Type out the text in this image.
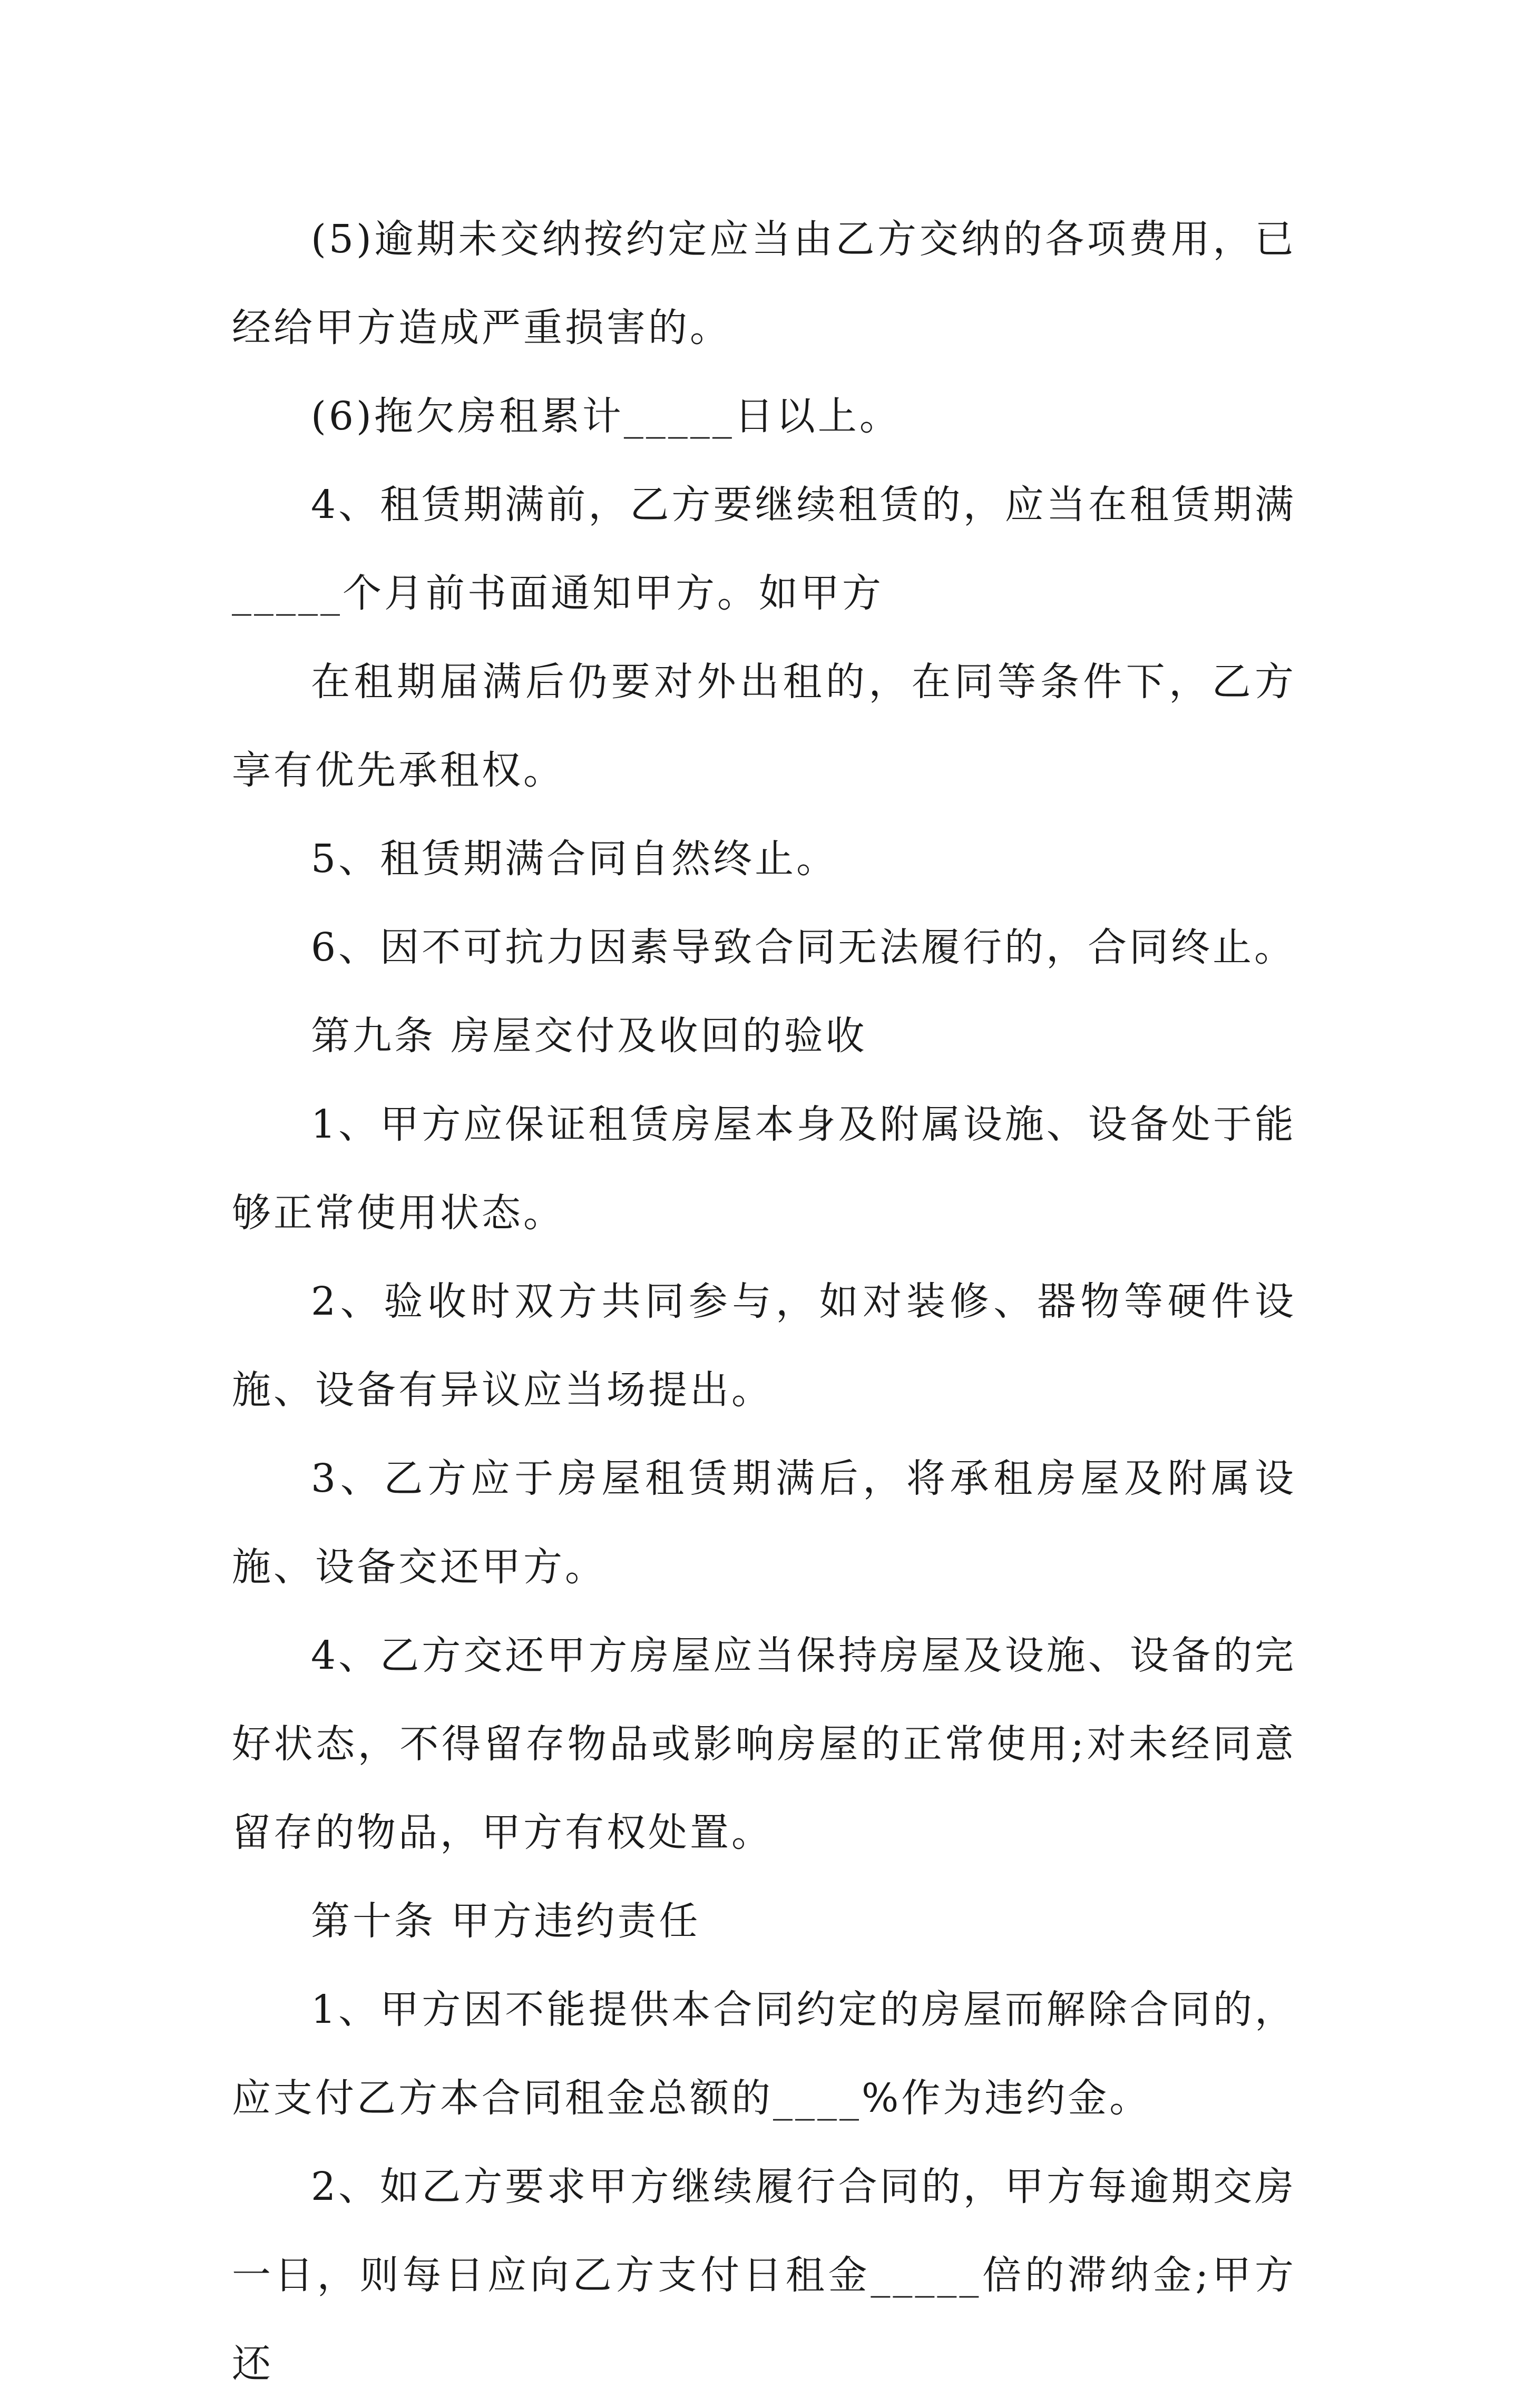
(5)逾期未交纳按约定应当由乙方交纳的各项费用，已经给甲方造成严重损害的。

(6)拖欠房租累计_____日以上。

4、租赁期满前，乙方要继续租赁的，应当在租赁期满_____个月前书面通知甲方。如甲方

在租期届满后仍要对外出租的，在同等条件下，乙方享有优先承租权。

5、租赁期满合同自然终止。

6、因不可抗力因素导致合同无法履行的，合同终止。

第九条 房屋交付及收回的验收

1、甲方应保证租赁房屋本身及附属设施、设备处于能够正常使用状态。

2、验收时双方共同参与，如对装修、器物等硬件设施、设备有异议应当场提出。

3、乙方应于房屋租赁期满后，将承租房屋及附属设施、设备交还甲方。

4、乙方交还甲方房屋应当保持房屋及设施、设备的完好状态，不得留存物品或影响房屋的正常使用;对未经同意留存的物品，甲方有权处置。

第十条 甲方违约责任

1、甲方因不能提供本合同约定的房屋而解除合同的，应支付乙方本合同租金总额的____%作为违约金。

2、如乙方要求甲方继续履行合同的，甲方每逾期交房一日，则每日应向乙方支付日租金_____倍的滞纳金;甲方还
